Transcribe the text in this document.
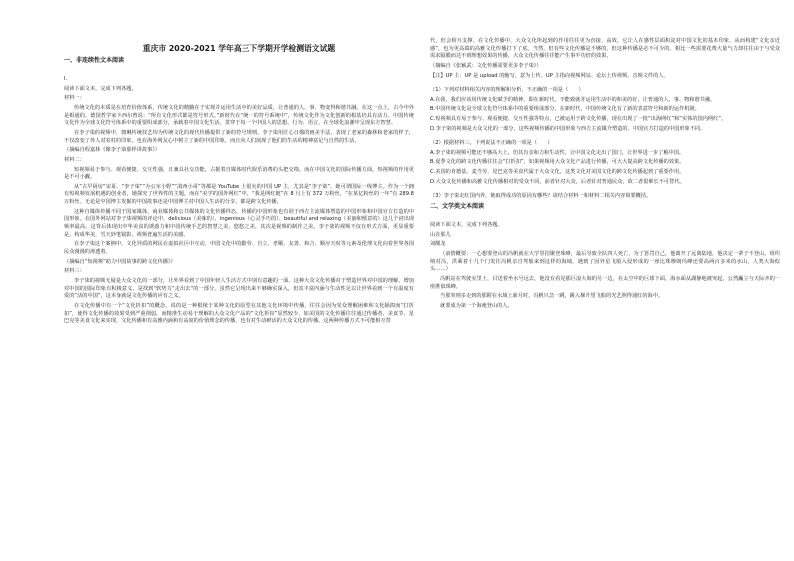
重庆市 2020-2021 学年高三下学期开学检测语文试题
一、非连续性文本阅读
I.
阅读下面文本，完成下列各题。
材料一：
传统文化的本质是在培育价值体系，传统文化的精髓在于实现并运用生活中的美好品质，让普通的人、事、物变得和谐共融。在这一点上，古今中外是相通的。德国哲学家卡西尔曾说：“所有文化形式都是符号形式。”新时代在“统一的符号系统中”，传统文化作为文化创新的根基仍具有活力。中国传统文化作为全球文化符号体系中的重要组成部分，承载着中国文化生活，贯穿于每一个中国人的思想、行为、语言，在全球化浪潮中呈现东方智慧。
在李子柒的视频中，朝琳传统技艺均为传统文化的现代传播提供了新的符号规则。李子柒用匠心日描的画美手法，表现了老家的森林和老家的样子，不仅改变了外人对农村的印象，也在海外网友心中树立了新的中国印象，而且向人们展现了他们的生活的精神富足与自然的生活。
（摘编自程嘉林《像李子柒那样讲故事》）
材料二：
短视频易于参与、观看便捷、交互性强，且兼具社交功能，占据着自媒体时代娱乐消费的头把交椅。而在中国文化的国际传播方面，短视频的作用更是不可小觑。
从“古早厨房”宋哥、“李子柒”“办公室小野”“滇西小哥”等都是 YouTube 上很火的中国 UP 主，尤其是“李子柒”。她可谓国际一线博主。作为一个拥有短视频发展机遇的创业者，她探究了世界性的主题，而在“美学的国外网红”中，“我是网红链”在 8 月上有 372 万粉丝，“在某亿粉丝的一年”有 289.8 万粉丝。无论是中国博主发掘的中国故事还是中国博主对中国人生活的分享，都是跨文化传播。
这种自媒体传播不同于国家媒体、商业媒体和公共媒体的文化传播样态，传播的中国形象也有别于西方主流媒体塑造的中国形象和中国官方打造的中国形象。在国外网站对李子柒视频的评论中，delicious（美味的）、ingenious（心灵手巧的）、beautiful and relaxing（美丽和惬意的）这几个词出现频率最高。这背后体现出中华美食的诱惑力和中国传统手艺的智慧之美、悠悠之美，其次是视频的制作之美。李子柒的视频不仅在形式方面，更显重要是，构成华美，雪天妙笔镜影，视频普遍生活的美感。
在李子柒这个案例中，文化异质的网民在虚拟社区中互动，中国文化中的勤劳、自立、孝顺、友善、和合、顺应天时等元素及伦理文化向着世界各国民众漫漫的渗透着。
（摘编自“短视频”助力中国故事的跨文化传播》）
材料三：
李子柒的视频无疑是大众文化的一部分，让外界看到了中国年轻人生活方式中别有意趣的一面。这种大众文化传播对于塑造世界对中国的理解，增加对中国的国际印象有积极意义，是找到“软势力”走出去“的一部分。虽然它呈现出来不够确实深入，但其丰富内涵与生动性足以让世界看到一个有温度有爱的“活的中国”，这本身就是文化传播的应有之义。
在文化传播中有一个“文化折扣”的概念，说的是一种根植于某种文化的原型在其他文化环境中传播，往往会因为受众理解困难和文化隔阂而“打折扣”，使得文化传播的效果受到严重削弱。而精准生动易于理解的大众文化产品的“文化折扣”显然较少，如美国的文化传播往往通过传播者、美食节、星巴克等美食文化来实现。文化传播和有高雅内涵和有高度的价值理念的传播，也有对生动鲜活的大众文化的传播。这两种传播方式不可能相互替
代，但会相互支撑。在文化传播中，大众文化所起到的作用往往更为直接、高效，它让人在感性层面积淀对中国文化的基本印象，从而构建“文化亲近感”，也为更高端的高雅文化传播打下了底。当然，但有些文化传播是不够的，但这种传播是必不可少的。相比一些需要花费大量气力却往往由于与受众需求隔膜而达不到理想效果的传播，大众文化传播往往能产生事半功倍的效果。
（摘编自《张颖武：文化传播需要更多李子柒》）
【注】UP 主：UP 是 upload 的缩写，意为上传。UP 主指向视频网站、论坛上传视频、音频文件的人。
（1）下列对材料相关内容的理解和分析，不正确的一项是（　　）
A.在我，我们应该用传统文化赋予的精神，即在新时代，不能致就并运用生活中的和美的好，让普通的人、事、物和谐共融。
B.中国传统文化是全球文化符号体系中的重要组成部分，在新时代，中国传统文化有了新的表意符号和新的运作机制。
C.短视频具有易于参与、观看便捷、交互性强等特点，已被运用于跨文化传播，现在出现了一批“出海网红”和“实体的国内网红”。
D.李子柒的视频是大众文化的一部分，这些视频传播的中国形象与西方主流媒介塑造的、中国官方打造的中国形象不同。
（2）根据材料三，下列说法不正确的一项是（　　）
A.李子柒的视频可能还不够高大上，但其有亲和力和生动性，让中国文化走出了国门，让世界进一步了解中国。
B.夏季文化的跨文化传播往往会“打折扣”，如果视频用大众文化产品进行传播，可大大提高跨文化传播的效果。
C.美国的肯德基、麦当劳、星巴克等美食代属于大众文化，这类文化对美国文化的跨文化传播起到了重要作用。
D.大众文化传播和高雅文化传播相对的受众不同，前者针对大众，后者针对普通民众，故二者很难长不可替代。
（3）李子柒走红国内外，她取得成功的原因有哪些？请结合材料一和材料二相关内容简要概括。
二、文学类文本阅读
阅读下面文本，完成下列各题。
山在那儿
刘醒龙
（前情概要：一心想要登山的冯帆就在大学里招聚登珠峰，最后导致全队四人死亡，为了惩罚自己，他离开了远离陆地，他决定一辈子不登山。组织纳对冯，洪乘着十几个门发往冯帆亲自驾船来到这样的海域，遇到了因外星飞船入侵形成的一座比珠穆朗玛峰还要高两百多米的水山，人类大海似头……）
冯帆站在驾驶室里上，目送着坐水号远去，他没有看见那巨浪大海的另一边，在太空中的巨球下面，海水面从湖静地被突起，公然矗立与天际齐的一座胜似珠峰。
当那突则多走到的那附在水域上新月时，冯帆只急一跳，跳入梯升望飞船的光艺照得通红的海中。
就要成为第一个海淹登山的人。
